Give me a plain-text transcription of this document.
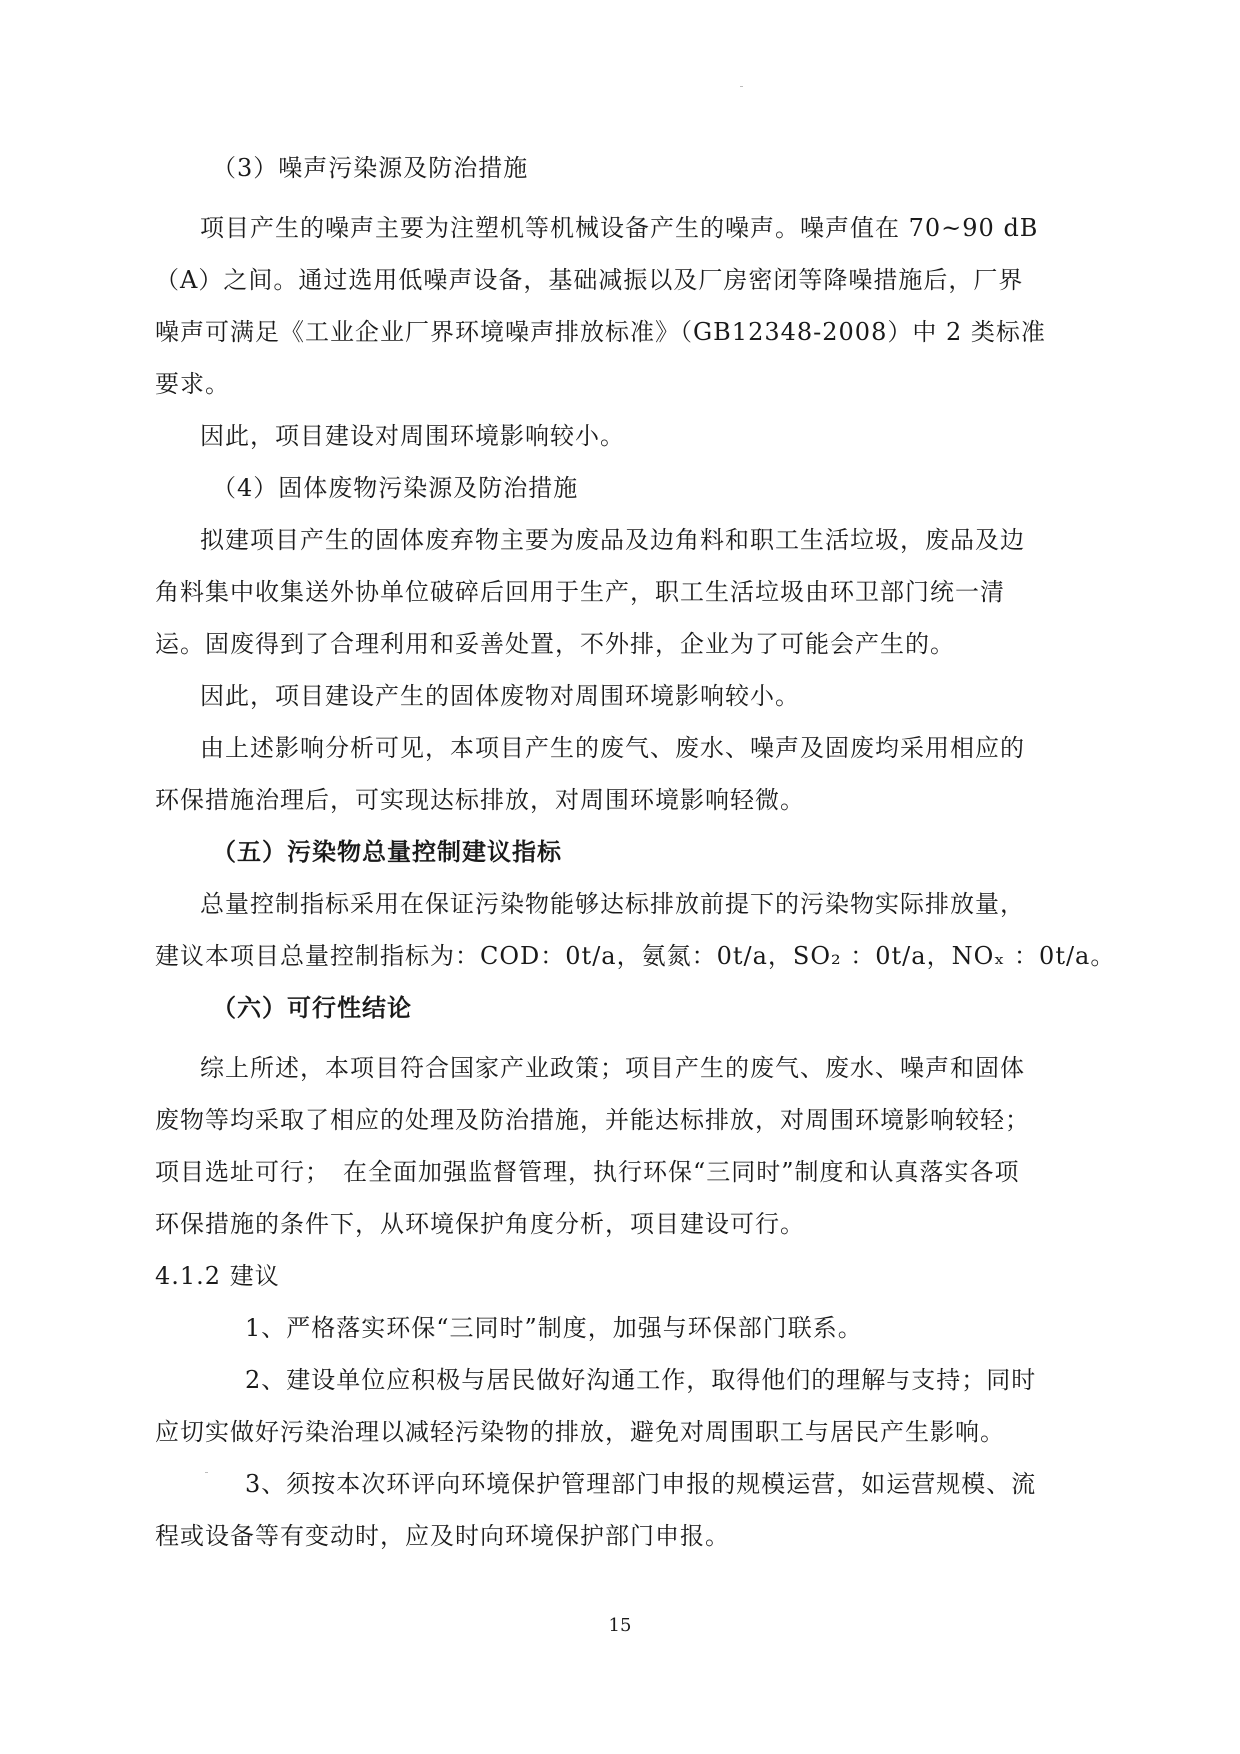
（3）噪声污染源及防治措施
项目产生的噪声主要为注塑机等机械设备产生的噪声。噪声值在 70~90 dB
（A）之间。通过选用低噪声设备，基础减振以及厂房密闭等降噪措施后，厂界
噪声可满足《工业企业厂界环境噪声排放标准》（GB12348-2008）中 2 类标准
要求。
因此，项目建设对周围环境影响较小。
（4）固体废物污染源及防治措施
拟建项目产生的固体废弃物主要为废品及边角料和职工生活垃圾，废品及边
角料集中收集送外协单位破碎后回用于生产，职工生活垃圾由环卫部门统一清
运。固废得到了合理利用和妥善处置，不外排，企业为了可能会产生的。
因此，项目建设产生的固体废物对周围环境影响较小。
由上述影响分析可见，本项目产生的废气、废水、噪声及固废均采用相应的
环保措施治理后，可实现达标排放，对周围环境影响轻微。
（五）污染物总量控制建议指标
总量控制指标采用在保证污染物能够达标排放前提下的污染物实际排放量，
建议本项目总量控制指标为：COD：0t/a，氨氮：0t/a，SO₂ ：0t/a，NOₓ ：0t/a。
（六）可行性结论
综上所述，本项目符合国家产业政策；项目产生的废气、废水、噪声和固体
废物等均采取了相应的处理及防治措施，并能达标排放，对周围环境影响较轻；
项目选址可行；　在全面加强监督管理，执行环保“三同时”制度和认真落实各项
环保措施的条件下，从环境保护角度分析，项目建设可行。
4.1.2 建议
1、严格落实环保“三同时”制度，加强与环保部门联系。
2、建设单位应积极与居民做好沟通工作，取得他们的理解与支持；同时
应切实做好污染治理以减轻污染物的排放，避免对周围职工与居民产生影响。
3、须按本次环评向环境保护管理部门申报的规模运营，如运营规模、流
程或设备等有变动时，应及时向环境保护部门申报。
15
